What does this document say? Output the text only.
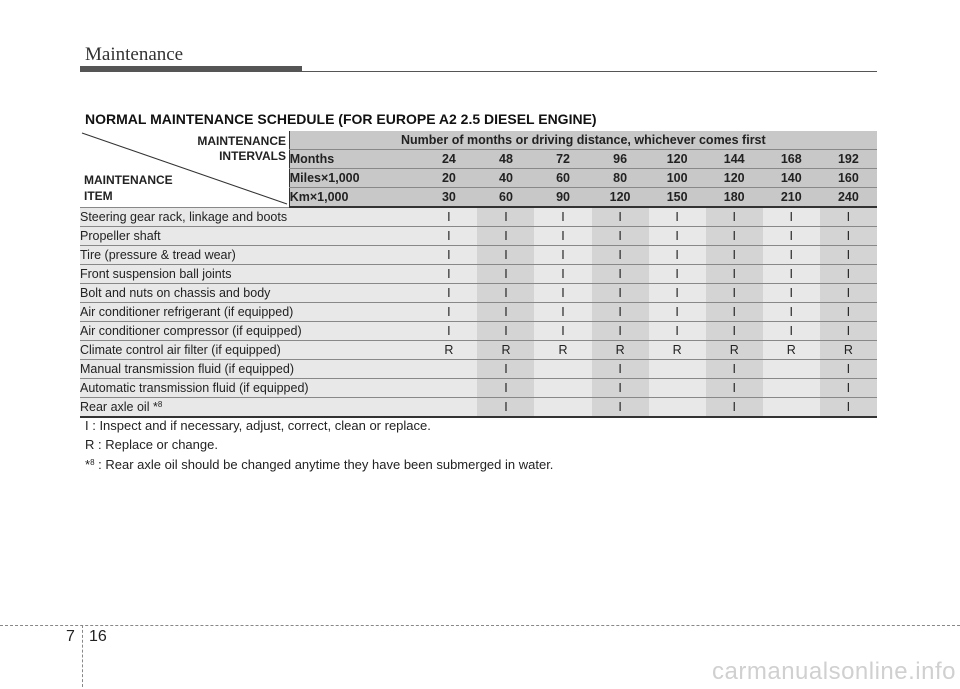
Maintenance
NORMAL MAINTENANCE SCHEDULE (FOR EUROPE A2 2.5 DIESEL ENGINE)
MAINTENANCE
INTERVALS
MAINTENANCE
ITEM	Number of months or driving distance, whichever comes first								
	Months	24	48	72	96	120	144	168	192
	Miles×1,000	20	40	60	80	100	120	140	160
	Km×1,000	30	60	90	120	150	180	210	240
Steering gear rack, linkage and boots		I	I	I	I	I	I	I	I
Propeller shaft		I	I	I	I	I	I	I	I
Tire (pressure & tread wear)		I	I	I	I	I	I	I	I
Front suspension ball joints		I	I	I	I	I	I	I	I
Bolt and nuts on chassis and body		I	I	I	I	I	I	I	I
Air conditioner refrigerant (if equipped)		I	I	I	I	I	I	I	I
Air conditioner compressor (if equipped)		I	I	I	I	I	I	I	I
Climate control air filter (if equipped)		R	R	R	R	R	R	R	R
Manual transmission fluid (if equipped)			I		I		I		I
Automatic transmission fluid (if equipped)			I		I		I		I
Rear axle oil *$^8$			I		I		I		I
I : Inspect and if necessary, adjust, correct, clean or replace.
R : Replace or change.
*$^8$ : Rear axle oil should be changed anytime they have been submerged in water.
7 16
carmanualsonline.info
